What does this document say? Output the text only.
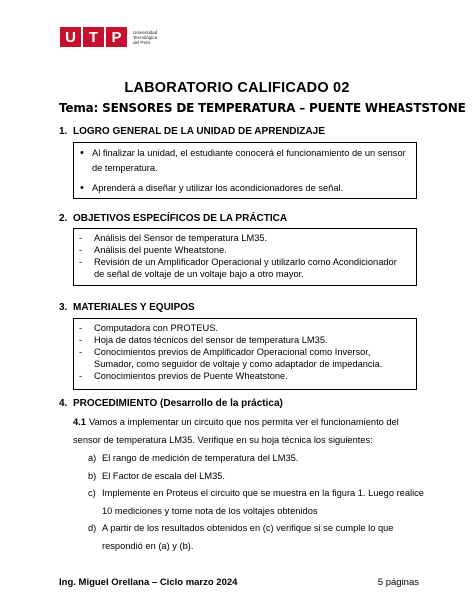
U T P	Universidad
Tecnológica
del Perú
LABORATORIO CALIFICADO 02
Tema: SENSORES DE TEMPERATURA – PUENTE WHEASTSTONE
1. LOGRO GENERAL DE LA UNIDAD DE APRENDIZAJE
• Al finalizar la unidad, el estudiante conocerá el funcionamiento de un sensor de temperatura.
• Aprenderá a diseñar y utilizar los acondicionadores de señal.
2. OBJETIVOS ESPECÍFICOS DE LA PRÁCTICA
- Análisis del Sensor de temperatura LM35.
- Análisis del puente Wheatstone.
- Revisión de un Amplificador Operacional y utilizarlo como Acondicionador de señal de voltaje de un voltaje bajo a otro mayor.
3. MATERIALES Y EQUIPOS
- Computadora con PROTEUS.
- Hoja de datos técnicos del sensor de temperatura LM35.
- Conocimientos previos de Amplificador Operacional como Inversor, Sumador, como seguidor de voltaje y como adaptador de impedancia.
- Conocimientos previos de Puente Wheatstone.
4. PROCEDIMIENTO (Desarrollo de la práctica)
4.1 Vamos a implementar un circuito que nos permita ver el funcionamiento del sensor de temperatura LM35. Verifique en su hoja técnica los siguientes:
a) El rango de medición de temperatura del LM35.
b) El Factor de escala del LM35.
c) Implemente en Proteus el circuito que se muestra en la figura 1. Luego realice 10 mediciones y tome nota de los voltajes obtenidos
d) A partir de los resultados obtenidos en (c) verifique si se cumple lo que respondió en (a) y (b).
Ing. Miguel Orellana – Ciclo marzo 2024	5 páginas
